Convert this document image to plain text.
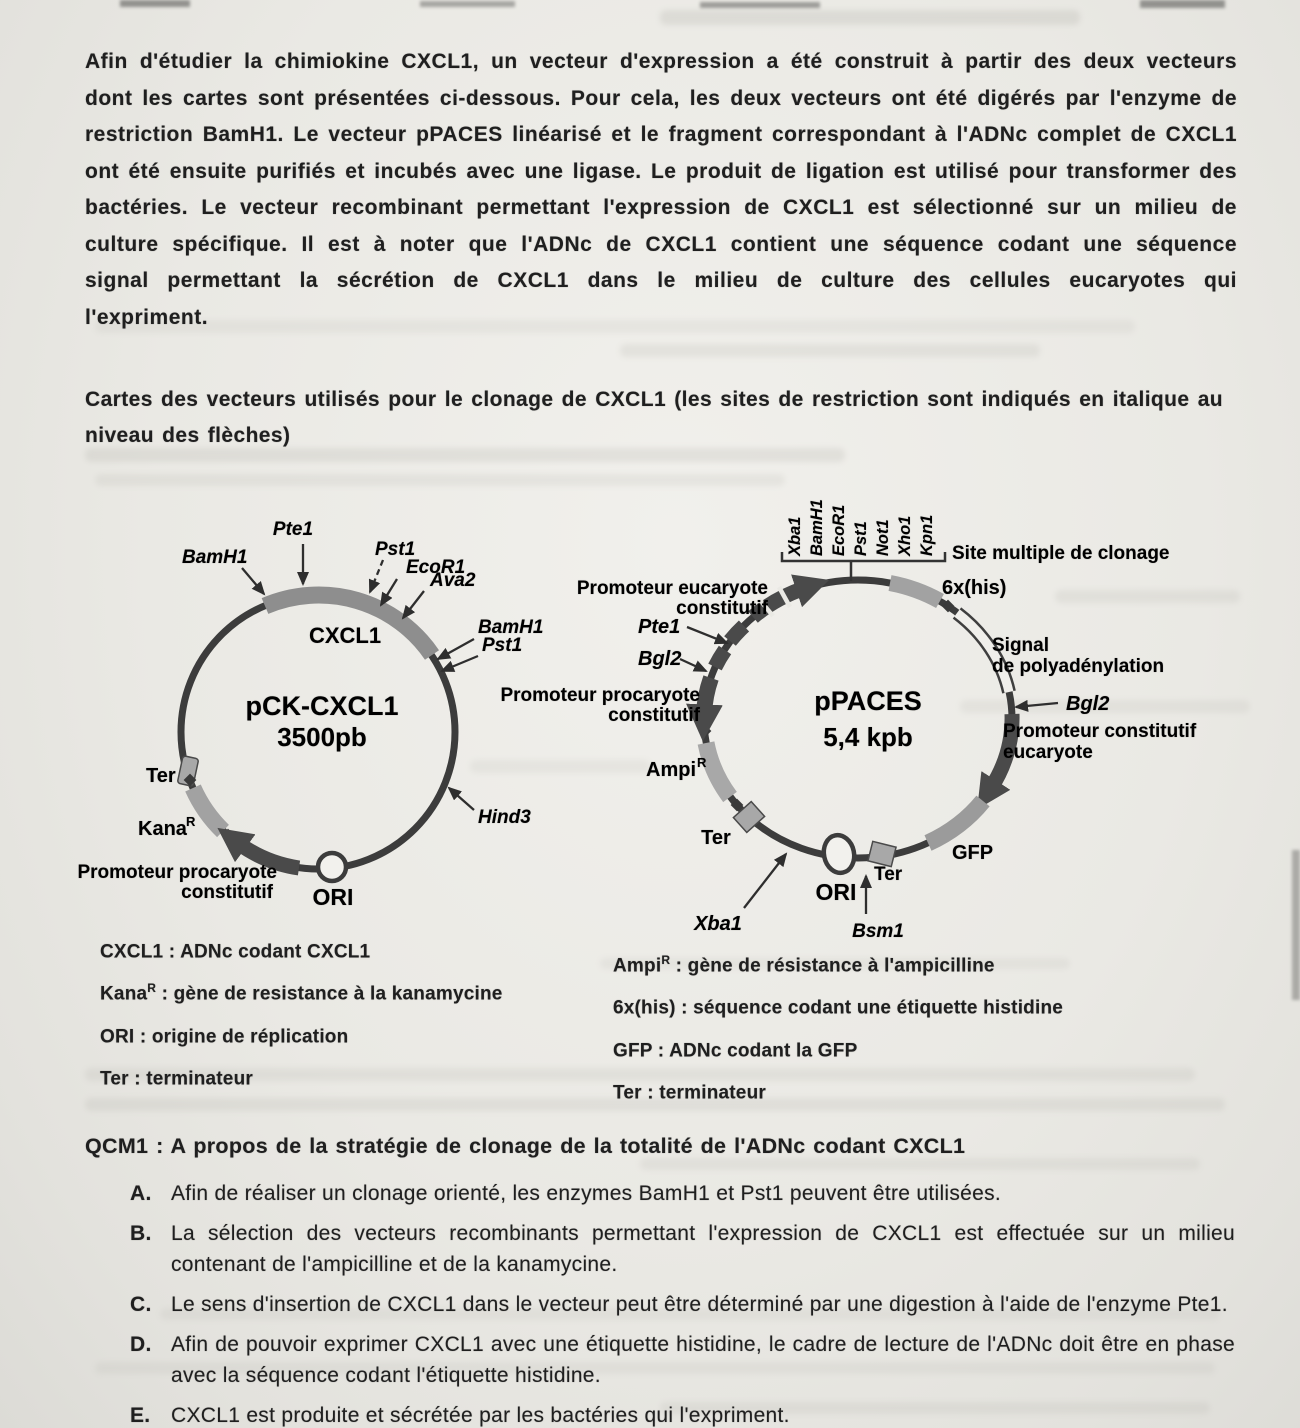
Afin d'étudier la chimiokine CXCL1, un vecteur d'expression a été construit à partir des deux vecteurs dont les cartes sont présentées ci-dessous. Pour cela, les deux vecteurs ont été digérés par l'enzyme de restriction BamH1. Le vecteur pPACES linéarisé et le fragment correspondant à l'ADNc complet de CXCL1 ont été ensuite purifiés et incubés avec une ligase. Le produit de ligation est utilisé pour transformer des bactéries. Le vecteur recombinant permettant l'expression de CXCL1 est sélectionné sur un milieu de culture spécifique. Il est à noter que l'ADNc de CXCL1 contient une séquence codant une séquence signal permettant la sécrétion de CXCL1 dans le milieu de culture des cellules eucaryotes qui l'expriment.
Cartes des vecteurs utilisés pour le clonage de CXCL1 (les sites de restriction sont indiqués en italique au niveau des flèches)
BamH1
Pte1
Pst1
EcoR1
Ava2
BamH1
Pst1
Hind3
CXCL1
pCK-CXCL1
3500pb
Ter
Kana R
Promoteur procaryote
constitutif ORI
Xba1 BamH1 EcoR1 Pst1 Not1 Xho1 Kpn1 Site multiple de clonage
Promoteur eucaryote
constitutif
Pte1
Bgl2
Promoteur procaryote
constitutif
Ampi R
Ter
Xba1
ORI
Bsm1
Ter
GFP
Bgl2
Promoteur constitutif
eucaryote
Signal
de polyadénylation
6x(his)
pPACES
5,4 kpb
CXCL1 : ADNc codant CXCL1
Kana$^R$ : gène de resistance à la kanamycine
ORI : origine de réplication
Ter : terminateur
Ampi$^R$ : gène de résistance à l'ampicilline
6x(his) : séquence codant une étiquette histidine
GFP : ADNc codant la GFP
Ter : terminateur
QCM1 : A propos de la stratégie de clonage de la totalité de l'ADNc codant CXCL1
A. Afin de réaliser un clonage orienté, les enzymes BamH1 et Pst1 peuvent être utilisées.
B. La sélection des vecteurs recombinants permettant l'expression de CXCL1 est effectuée sur un milieu contenant de l'ampicilline et de la kanamycine.
C. Le sens d'insertion de CXCL1 dans le vecteur peut être déterminé par une digestion à l'aide de l'enzyme Pte1.
D. Afin de pouvoir exprimer CXCL1 avec une étiquette histidine, le cadre de lecture de l'ADNc doit être en phase avec la séquence codant l'étiquette histidine.
E. CXCL1 est produite et sécrétée par les bactéries qui l'expriment.
